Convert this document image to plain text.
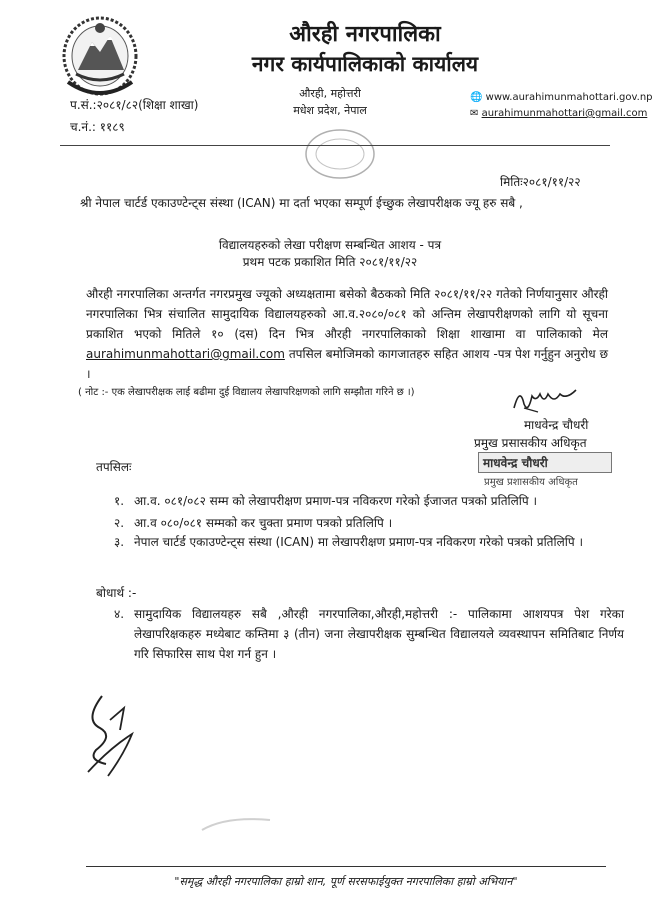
औरही नगरपालिका
नगर कार्यपालिकाको कार्यालय
औरही, महोत्तरी
मधेश प्रदेश, नेपाल
प.सं.:२०८१/८२(शिक्षा शाखा)
च.नं.: ११८९
🌐 www.aurahimunmahottari.gov.np
✉ aurahimunmahottari@gmail.com
मितिः२०८१/११/२२
श्री नेपाल चार्टर्ड एकाउण्टेन्ट्स संस्था (ICAN) मा दर्ता भएका सम्पूर्ण ईच्छुक लेखापरीक्षक ज्यू हरु सबै ,
विद्यालयहरुको लेखा परीक्षण सम्बन्धित आशय - पत्र
प्रथम पटक प्रकाशित मिति २०८१/११/२२
औरही नगरपालिका अन्तर्गत नगरप्रमुख ज्यूको अध्यक्षतामा बसेको बैठकको मिति २०८१/११/२२ गतेको निर्णयानुसार औरही नगरपालिका भित्र संचालित सामुदायिक विद्यालयहरुको आ.व.२०८०/०८१ को अन्तिम लेखापरीक्षणको लागि यो सूचना प्रकाशित भएको मितिले १० (दस) दिन भित्र औरही नगरपालिकाको शिक्षा शाखामा वा पालिकाको मेल aurahimunmahottari@gmail.com तपसिल बमोजिमको कागजातहरु सहित आशय -पत्र पेश गर्नुहुन अनुरोध छ ।
( नोट :- एक लेखापरीक्षक लाई बढीमा दुई विद्यालय लेखापरिक्षणको लागि सम्झौता गरिने छ ।)
माधवेन्द्र चौधरी
प्रमुख प्रसासकीय अधिकृत
माधवेन्द्र चौधरी
प्रमुख प्रशासकीय अधिकृत
तपसिलः
१. आ.व. ०८१/०८२ सम्म को लेखापरीक्षण प्रमाण-पत्र नविकरण गरेको ईजाजत पत्रको प्रतिलिपि ।
२. आ.व ०८०/०८१ सम्मको कर चुक्ता प्रमाण पत्रको प्रतिलिपि ।
३. नेपाल चार्टर्ड एकाउण्टेन्ट्स संस्था (ICAN) मा लेखापरीक्षण प्रमाण-पत्र नविकरण गरेको पत्रको प्रतिलिपि ।
बोधार्थ :-
४. सामुदायिक विद्यालयहरु सबै ,औरही नगरपालिका,औरही,महोत्तरी :- पालिकामा आशयपत्र पेश गरेका लेखापरिक्षकहरु मध्येबाट कम्तिमा ३ (तीन) जना लेखापरीक्षक सुम्बन्धित विद्यालयले व्यवस्थापन समितिबाट निर्णय गरि सिफारिस साथ पेश गर्न हुन ।
"समृद्ध औरही नगरपालिका हाम्रो शान, पूर्ण सरसफाईयुक्त नगरपालिका हाम्रो अभियान"
